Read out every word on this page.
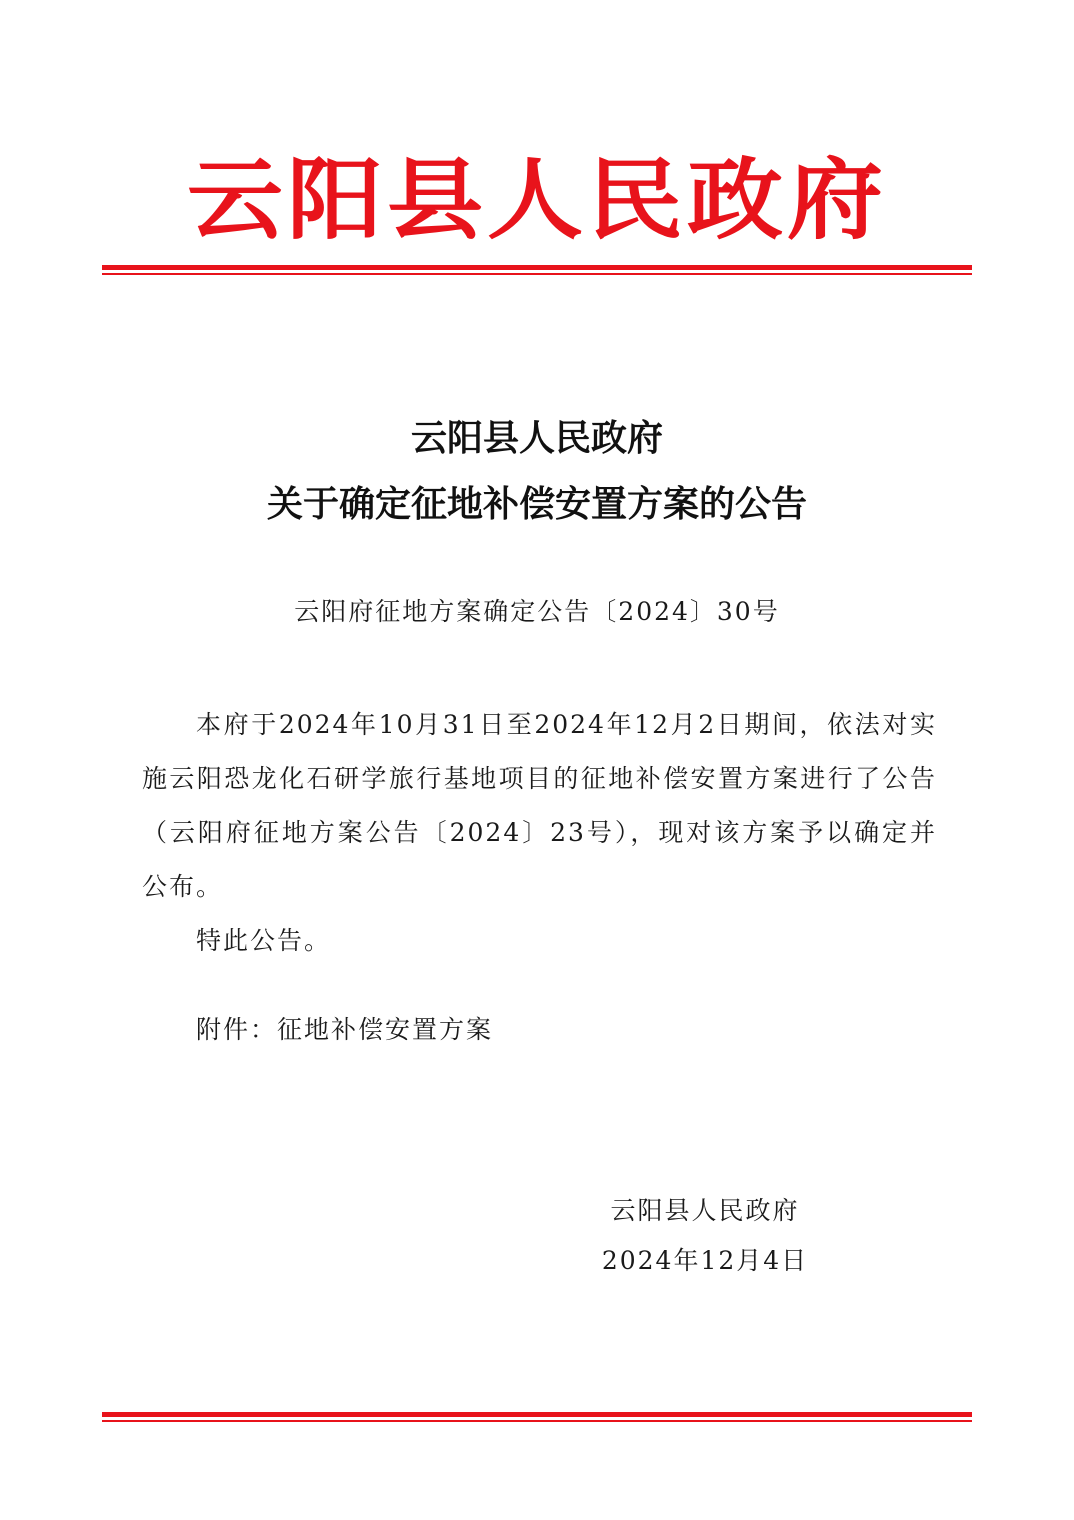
云阳县人民政府
云阳县人民政府
关于确定征地补偿安置方案的公告
云阳府征地方案确定公告〔2024〕30号

本府于2024年10月31日至2024年12月2日期间，依法对实施云阳恐龙化石研学旅行基地项目的征地补偿安置方案进行了公告（云阳府征地方案公告〔2024〕23号），现对该方案予以确定并公布。

特此公告。

附件：征地补偿安置方案
云阳县人民政府
2024年12月4日
